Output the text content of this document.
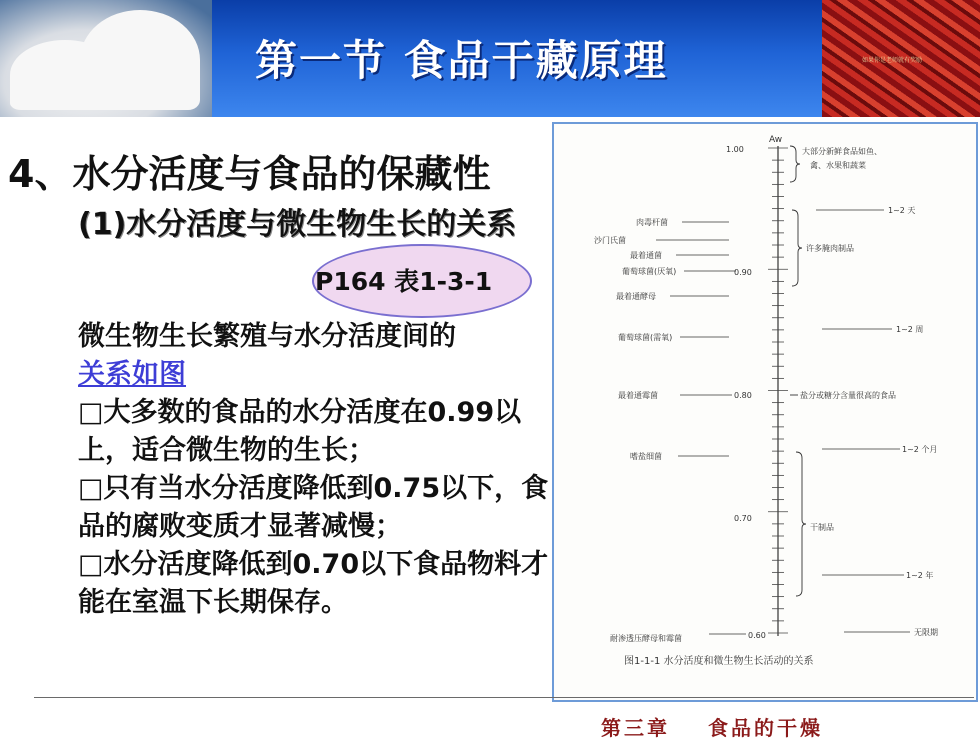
如果你是老师就有奖励
第一节 食品干藏原理
4、水分活度与食品的保藏性
(1)水分活度与微生物生长的关系
P164 表1-3-1

微生物生长繁殖与水分活度间的
关系如图

□大多数的食品的水分活度在0.99以上，适合微生物的生长；

□只有当水分活度降低到0.75以下，食品的腐败变质才显著减慢；

□水分活度降低到0.70以下食品物料才能在室温下长期保存。

Aw
1.00
0.90
0.80
0.70
0.60
肉毒杆菌
沙门氏菌
最着通菌
葡萄球菌(厌氧)
最着通酵母
葡萄球菌(需氧)
最着通霉菌
嗜盐细菌
耐渗透压酵母和霉菌
大部分新鲜食品如鱼、
禽、水果和蔬菜
许多腌肉制品
盐分或糖分含量很高的食品
干制品
1~2 天
1~2 周
1~2 个月
1~2 年
无限期
图1-1-1 水分活度和微生物生长活动的关系
第三章 食品的干燥
